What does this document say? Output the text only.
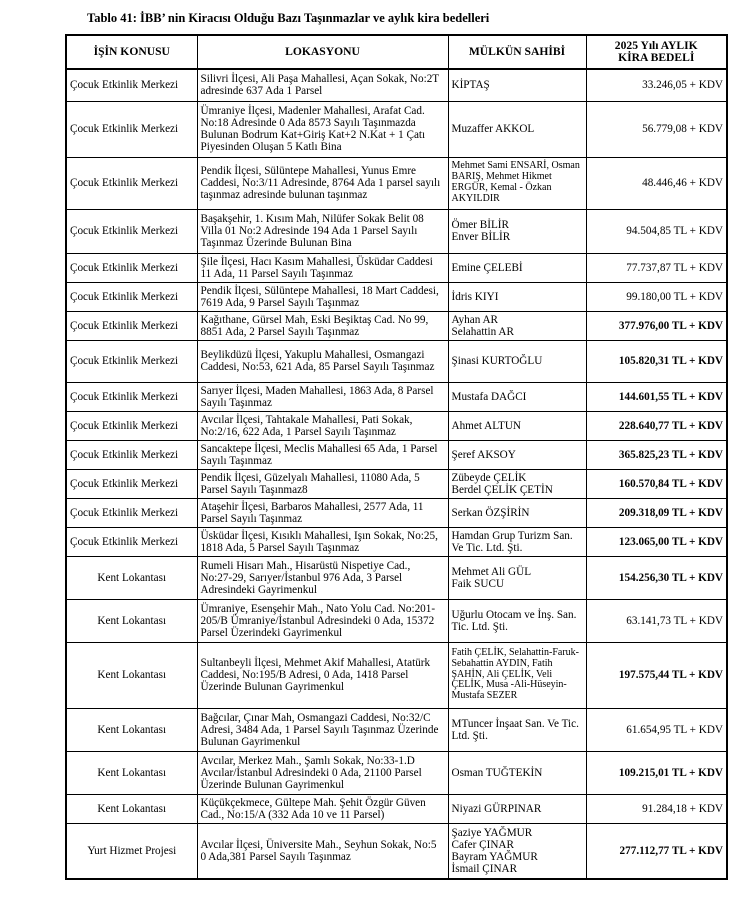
Tablo 41: İBB’ nin Kiracısı Olduğu Bazı Taşınmazlar ve aylık kira bedelleri
İŞİN KONUSU	LOKASYONU	MÜLKÜN SAHİBİ	2025 Yılı AYLIK
KİRA BEDELİ

Çocuk Etkinlik Merkezi	Silivri İlçesi, Ali Paşa Mahallesi, Açan Sokak, No:2T adresinde 637 Ada 1 Parsel	KİPTAŞ	33.246,05 + KDV
Çocuk Etkinlik Merkezi	Ümraniye İlçesi, Madenler Mahallesi, Arafat Cad. No:18 Adresinde 0 Ada 8573 Sayılı Taşınmazda Bulunan Bodrum Kat+Giriş Kat+2 N.Kat + 1 Çatı Piyesinden Oluşan 5 Katlı Bina	Muzaffer AKKOL	56.779,08 + KDV
Çocuk Etkinlik Merkezi	Pendik İlçesi, Sülüntepe Mahallesi, Yunus Emre Caddesi, No:3/11 Adresinde, 8764 Ada 1 parsel sayılı taşınmaz adresinde bulunan taşınmaz	Mehmet Sami ENSARİ, Osman BARIŞ, Mehmet Hikmet ERGÜR, Kemal - Özkan AKYILDIR	48.446,46 + KDV
Çocuk Etkinlik Merkezi	Başakşehir, 1. Kısım Mah, Nilüfer Sokak Belit 08 Villa 01 No:2 Adresinde 194 Ada 1 Parsel Sayılı Taşınmaz Üzerinde Bulunan Bina	Ömer BİLİR
Enver BİLİR	94.504,85 TL + KDV
Çocuk Etkinlik Merkezi	Şile İlçesi, Hacı Kasım Mahallesi, Üsküdar Caddesi 11 Ada, 11 Parsel Sayılı Taşınmaz	Emine ÇELEBİ	77.737,87 TL + KDV
Çocuk Etkinlik Merkezi	Pendik İlçesi, Sülüntepe Mahallesi, 18 Mart Caddesi, 7619 Ada, 9 Parsel Sayılı Taşınmaz	İdris KIYI	99.180,00 TL + KDV
Çocuk Etkinlik Merkezi	Kağıthane, Gürsel Mah, Eski Beşiktaş Cad. No 99, 8851 Ada, 2 Parsel Sayılı Taşınmaz	Ayhan AR
Selahattin AR	377.976,00 TL + KDV
Çocuk Etkinlik Merkezi	Beylikdüzü İlçesi, Yakuplu Mahallesi, Osmangazi Caddesi, No:53, 621 Ada, 85 Parsel Sayılı Taşınmaz	Şinasi KURTOĞLU	105.820,31 TL + KDV
Çocuk Etkinlik Merkezi	Sarıyer İlçesi, Maden Mahallesi, 1863 Ada, 8 Parsel Sayılı Taşınmaz	Mustafa DAĞCI	144.601,55 TL + KDV
Çocuk Etkinlik Merkezi	Avcılar İlçesi, Tahtakale Mahallesi, Pati Sokak, No:2/16, 622 Ada, 1 Parsel Sayılı Taşınmaz	Ahmet ALTUN	228.640,77 TL + KDV
Çocuk Etkinlik Merkezi	Sancaktepe İlçesi, Meclis Mahallesi 65 Ada, 1 Parsel Sayılı Taşınmaz	Şeref AKSOY	365.825,23 TL + KDV
Çocuk Etkinlik Merkezi	Pendik İlçesi, Güzelyalı Mahallesi, 11080 Ada, 5 Parsel Sayılı Taşınmaz8	Zübeyde ÇELİK
Berdel ÇELİK ÇETİN	160.570,84 TL + KDV
Çocuk Etkinlik Merkezi	Ataşehir İlçesi, Barbaros Mahallesi, 2577 Ada, 11 Parsel Sayılı Taşınmaz	Serkan ÖZŞİRİN	209.318,09 TL + KDV
Çocuk Etkinlik Merkezi	Üsküdar İlçesi, Kısıklı Mahallesi, Işın Sokak, No:25, 1818 Ada, 5 Parsel Sayılı Taşınmaz	Hamdan Grup Turizm San. Ve Tic. Ltd. Şti.	123.065,00 TL + KDV
Kent Lokantası	Rumeli Hisarı Mah., Hisarüstü Nispetiye Cad., No:27-29, Sarıyer/İstanbul 976 Ada, 3 Parsel Adresindeki Gayrimenkul	Mehmet Ali GÜL
Faik SUCU	154.256,30 TL + KDV
Kent Lokantası	Ümraniye, Esenşehir Mah., Nato Yolu Cad. No:201-205/B Ümraniye/İstanbul Adresindeki 0 Ada, 15372 Parsel Üzerindeki Gayrimenkul	Uğurlu Otocam ve İnş. San. Tic. Ltd. Şti.	63.141,73 TL + KDV
Kent Lokantası	Sultanbeyli İlçesi, Mehmet Akif Mahallesi, Atatürk Caddesi, No:195/B Adresi, 0 Ada, 1418 Parsel Üzerinde Bulunan Gayrimenkul	Fatih ÇELİK, Selahattin-Faruk-Sebahattin AYDIN, Fatih ŞAHİN, Ali ÇELİK, Veli ÇELİK, Musa -Ali-Hüseyin- Mustafa SEZER	197.575,44 TL + KDV
Kent Lokantası	Bağcılar, Çınar Mah, Osmangazi Caddesi, No:32/C Adresi, 3484 Ada, 1 Parsel Sayılı Taşınmaz Üzerinde Bulunan Gayrimenkul	MTuncer İnşaat San. Ve Tic. Ltd. Şti.	61.654,95 TL + KDV
Kent Lokantası	Avcılar, Merkez Mah., Şamlı Sokak, No:33-1.D Avcılar/İstanbul Adresindeki 0 Ada, 21100 Parsel Üzerinde Bulunan Gayrimenkul	Osman TUĞTEKİN	109.215,01 TL + KDV
Kent Lokantası	Küçükçekmece, Gültepe Mah. Şehit Özgür Güven Cad., No:15/A (332 Ada 10 ve 11 Parsel)	Niyazi GÜRPINAR	91.284,18 + KDV
Yurt Hizmet Projesi	Avcılar İlçesi, Üniversite Mah., Seyhun Sokak, No:5 0 Ada,381 Parsel Sayılı Taşınmaz	Şaziye YAĞMUR
Cafer ÇINAR
Bayram YAĞMUR
İsmail ÇINAR	277.112,77 TL + KDV
